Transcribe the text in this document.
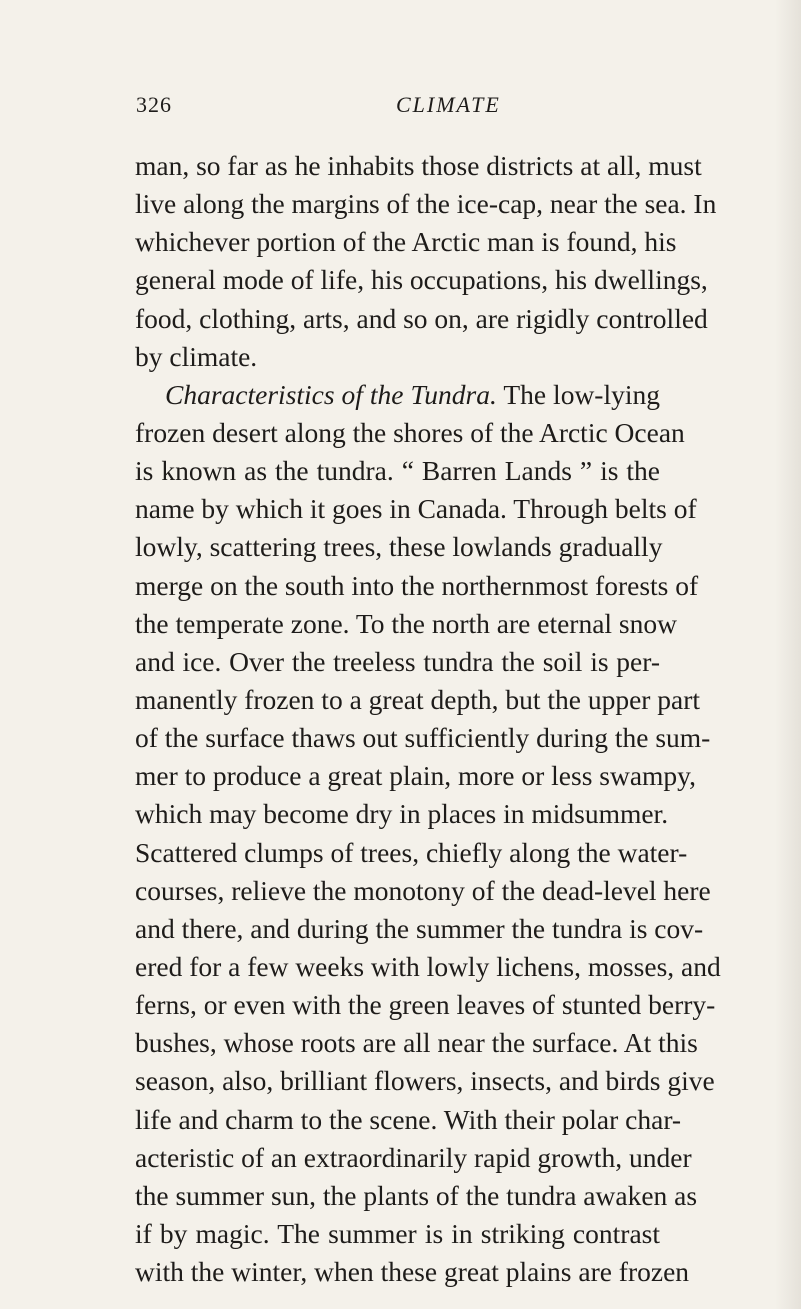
326	CLIMATE
man, so far as he inhabits those districts at all, must
live along the margins of the ice-cap, near the sea. In
whichever portion of the Arctic man is found, his
general mode of life, his occupations, his dwellings,
food, clothing, arts, and so on, are rigidly controlled
by climate.
Characteristics of the Tundra. The low-lying
frozen desert along the shores of the Arctic Ocean
is known as the tundra. “ Barren Lands ” is the
name by which it goes in Canada. Through belts of
lowly, scattering trees, these lowlands gradually
merge on the south into the northernmost forests of
the temperate zone. To the north are eternal snow
and ice. Over the treeless tundra the soil is per-
manently frozen to a great depth, but the upper part
of the surface thaws out sufficiently during the sum-
mer to produce a great plain, more or less swampy,
which may become dry in places in midsummer.
Scattered clumps of trees, chiefly along the water-
courses, relieve the monotony of the dead-level here
and there, and during the summer the tundra is cov-
ered for a few weeks with lowly lichens, mosses, and
ferns, or even with the green leaves of stunted berry-
bushes, whose roots are all near the surface. At this
season, also, brilliant flowers, insects, and birds give
life and charm to the scene. With their polar char-
acteristic of an extraordinarily rapid growth, under
the summer sun, the plants of the tundra awaken as
if by magic. The summer is in striking contrast
with the winter, when these great plains are frozen
